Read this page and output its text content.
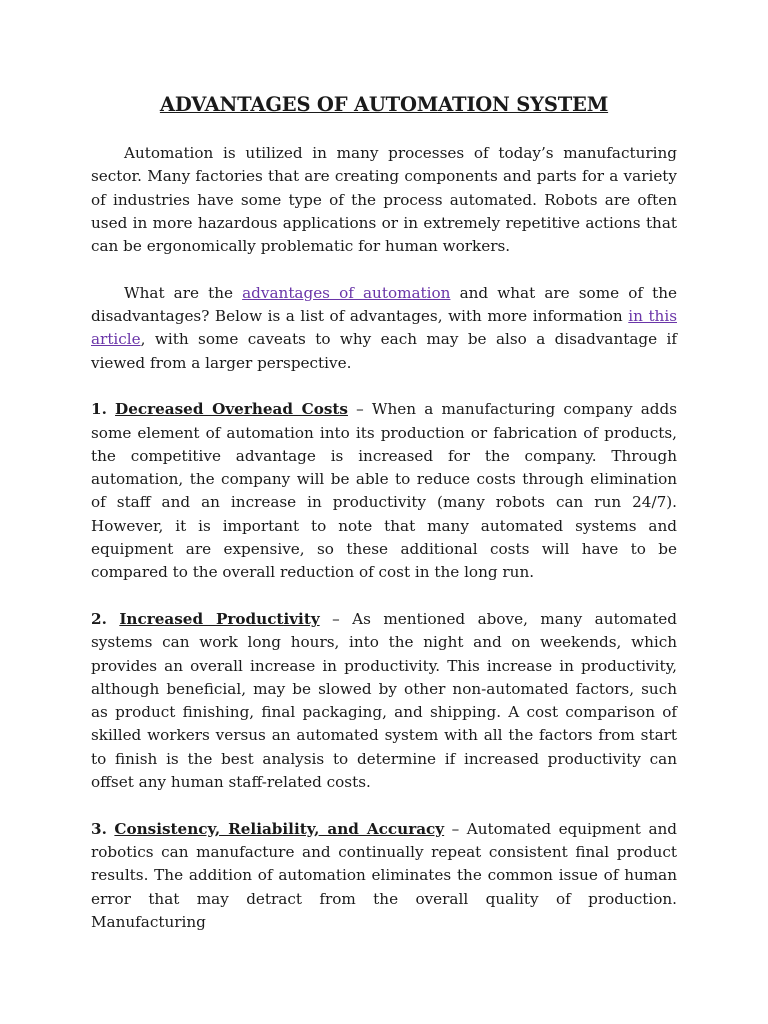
ADVANTAGES OF AUTOMATION SYSTEM

Automation is utilized in many processes of today’s manufacturing sector. Many factories that are creating components and parts for a variety of industries have some type of the process automated. Robots are often used in more hazardous applications or in extremely repetitive actions that can be ergonomically problematic for human workers.

What are the advantages of automation and what are some of the disadvantages? Below is a list of advantages, with more information in this article, with some caveats to why each may be also a disadvantage if viewed from a larger perspective.

1. Decreased Overhead Costs – When a manufacturing company adds some element of automation into its production or fabrication of products, the competitive advantage is increased for the company. Through automation, the company will be able to reduce costs through elimination of staff and an increase in productivity (many robots can run 24/7). However, it is important to note that many automated systems and equipment are expensive, so these additional costs will have to be compared to the overall reduction of cost in the long run.

2. Increased Productivity – As mentioned above, many automated systems can work long hours, into the night and on weekends, which provides an overall increase in productivity. This increase in productivity, although beneficial, may be slowed by other non-automated factors, such as product finishing, final packaging, and shipping. A cost comparison of skilled workers versus an automated system with all the factors from start to finish is the best analysis to determine if increased productivity can offset any human staff-related costs.

3. Consistency, Reliability, and Accuracy – Automated equipment and robotics can manufacture and continually repeat consistent final product results. The addition of automation eliminates the common issue of human error that may detract from the overall quality of production. Manufacturing
